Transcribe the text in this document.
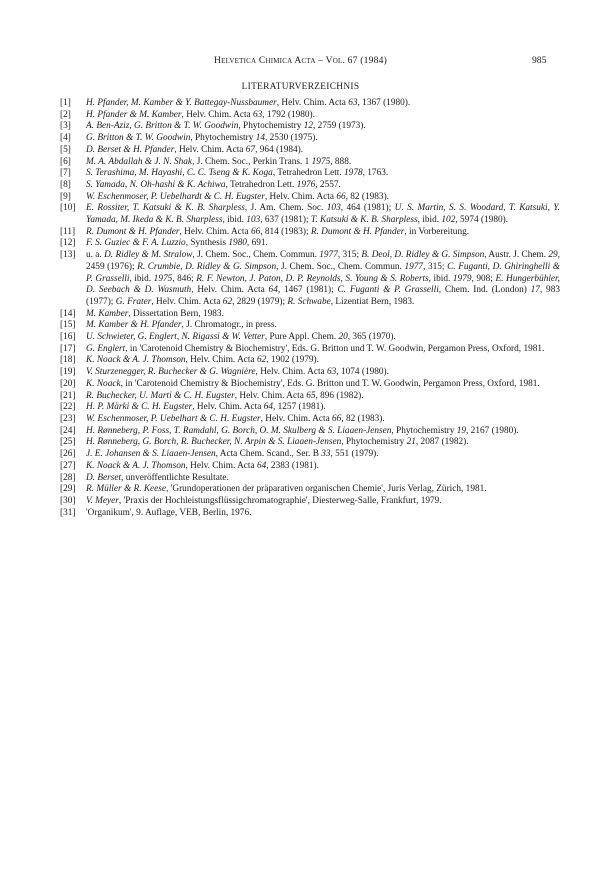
Helvetica Chimica Acta – Vol. 67 (1984)	985
LITERATURVERZEICHNIS
[1]	H. Pfander, M. Kamber & Y. Battegay-Nussbaumer, Helv. Chim. Acta 63, 1367 (1980).
[2]	H. Pfander & M. Kamber, Helv. Chim. Acta 63, 1792 (1980).
[3]	A. Ben-Aziz, G. Britton & T. W. Goodwin, Phytochemistry 12, 2759 (1973).
[4]	G. Britton & T. W. Goodwin, Phytochemistry 14, 2530 (1975).
[5]	D. Berset & H. Pfander, Helv. Chim. Acta 67, 964 (1984).
[6]	M. A. Abdallah & J. N. Shak, J. Chem. Soc., Perkin Trans. 1 1975, 888.
[7]	S. Terashima, M. Hayashi, C. C. Tseng & K. Koga, Tetrahedron Lett. 1978, 1763.
[8]	S. Yamada, N. Oh-hashi & K. Achiwa, Tetrahedron Lett. 1976, 2557.
[9]	W. Eschenmoser, P. Uebelhardt & C. H. Eugster, Helv. Chim. Acta 66, 82 (1983).
[10]	E. Rossiter, T. Katsuki & K. B. Sharpless, J. Am. Chem. Soc. 103, 464 (1981); U. S. Martin, S. S. Woodard, T. Katsuki, Y. Yamada, M. Ikeda & K. B. Sharpless, ibid. 103, 637 (1981); T. Katsuki & K. B. Sharpless, ibid. 102, 5974 (1980).
[11]	R. Dumont & H. Pfander, Helv. Chim. Acta 66, 814 (1983); R. Dumont & H. Pfander, in Vorbereitung.
[12]	F. S. Guziec & F. A. Luzzio, Synthesis 1980, 691.
[13]	u. a. D. Ridley & M. Stralow, J. Chem. Soc., Chem. Commun. 1977, 315; B. Deol, D. Ridley & G. Simpson, Austr. J. Chem. 29, 2459 (1976); R. Crumbie, D. Ridley & G. Simpson, J. Chem. Soc., Chem. Commun. 1977, 315; C. Fuganti, D. Ghiringhelli & P. Grasselli, ibid. 1975, 846; R. F. Newton, J. Paton, D. P. Reynolds, S. Young & S. Roberts, ibid. 1979, 908; E. Hungerbühler, D. Seebach & D. Wasmuth, Helv. Chim. Acta 64, 1467 (1981); C. Fuganti & P. Grasselli, Chem. Ind. (London) 17, 983 (1977); G. Frater, Helv. Chim. Acta 62, 2829 (1979); R. Schwabe, Lizentiat Bern, 1983.
[14]	M. Kamber, Dissertation Bern, 1983.
[15]	M. Kamber & H. Pfander, J. Chromatogr., in press.
[16]	U. Schwieter, G. Englert, N. Rigassi & W. Vetter, Pure Appl. Chem. 20, 365 (1970).
[17]	G. Englert, in 'Carotenoid Chemistry & Biochemistry', Eds. G. Britton und T. W. Goodwin, Pergamon Press, Oxford, 1981.
[18]	K. Noack & A. J. Thomson, Helv. Chim. Acta 62, 1902 (1979).
[19]	V. Sturzenegger, R. Buchecker & G. Wagnière, Helv. Chim. Acta 63, 1074 (1980).
[20]	K. Noack, in 'Carotenoid Chemistry & Biochemistry', Eds. G. Britton und T. W. Goodwin, Pergamon Press, Oxford, 1981.
[21]	R. Buchecker, U. Marti & C. H. Eugster, Helv. Chim. Acta 65, 896 (1982).
[22]	H. P. Märki & C. H. Eugster, Helv. Chim. Acta 64, 1257 (1981).
[23]	W. Eschenmoser, P. Uebelhart & C. H. Eugster, Helv. Chim. Acta 66, 82 (1983).
[24]	H. Rønneberg, P. Foss, T. Ramdahl, G. Borch, O. M. Skulberg & S. Liaaen-Jensen, Phytochemistry 19, 2167 (1980).
[25]	H. Rønneberg, G. Borch, R. Buchecker, N. Arpin & S. Liaaen-Jensen, Phytochemistry 21, 2087 (1982).
[26]	J. E. Johansen & S. Liaaen-Jensen, Acta Chem. Scand., Ser. B 33, 551 (1979).
[27]	K. Noack & A. J. Thomson, Helv. Chim. Acta 64, 2383 (1981).
[28]	D. Berset, unveröffentlichte Resultate.
[29]	R. Müller & R. Keese, 'Grundoperationen der präparativen organischen Chemie', Juris Verlag, Zürich, 1981.
[30]	V. Meyer, 'Praxis der Hochleistungsflüssigchromatographie', Diesterweg-Salle, Frankfurt, 1979.
[31]	'Organikum', 9. Auflage, VEB, Berlin, 1976.
